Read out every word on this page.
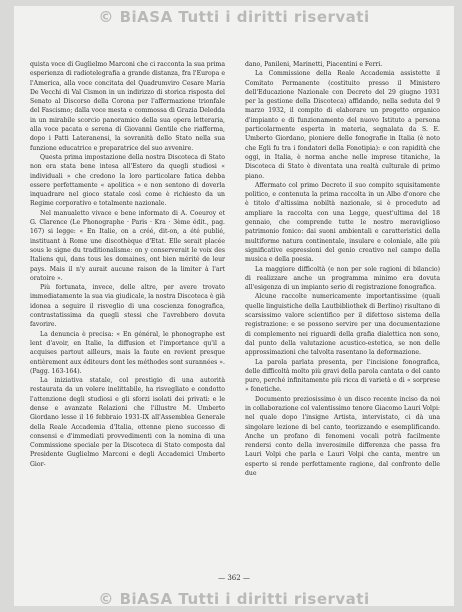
© BiASA Tutti i diritti riservati

quista voce di Guglielmo Marconi che ci racconta la sua prima esperienza di radiotelegrafia a grande distanza, fra l'Europa e l'America, alla voce concitata del Quadrumviro Cesare Maria De Vecchi di Val Cismon in un indirizzo di storica risposta del Senato al Discorso della Corona per l'affermazione trionfale del Fascismo; dalla voce mesta e commossa di Grazia Deledda in un mirabile scorcio panoramico della sua opera letteraria, alla voce pacata e serena di Giovanni Gentile che riafferma, dopo i Patti Lateranensi, la sovranità dello Stato nella sua funzione educatrice e preparatrice del suo avvenire.

Questa prima impostazione della nostra Discoteca di Stato non era stata bene intesa all'Estero da quegli studiosi « individuali » che credono la loro particolare fatica debba essere perfettamente « apolitica » e non sentono di doverla inquadrare nel gioco statale così come è richiesto da un Regime corporativo e totalmente nazionale.

Nel manualetto vivace e bene informato di A. Coeuroy et G. Clarence (Le Phonographe · Paris · Kra · 3ème édit., pag. 167) si legge: « En Italie, on a créé, dit-on, a été publié, instituant à Rome une discothèque d'Etat. Elle serait placée sous le signe du traditionalisme: on y conserverait le voix des Italiens qui, dans tous les domaines, ont bien mérité de leur pays. Mais il n'y aurait aucune raison de la limiter à l'art oratoire ».

Più fortunata, invece, delle altre, per avere trovato immediatamente la sua via giudicale, la nostra Discoteca è già idonea a seguire il risveglio di una coscienza fonografica, contrastatissima da quegli stessi che l'avrebbero dovuta favorire.

La denuncia è precisa: « En général, le phonographe est lent d'avoir, en Italie, la diffusion et l'importance qu'il a acquises partout ailleurs, mais la faute en revient presque entièrement aux éditeurs dont les méthodes sont surannées ». (Pagg. 163-164).

La iniziativa statale, col prestigio di una autorità restaurata da un volere inelittabile, ha risvegliato e condotto l'attenzione degli studiosi e gli sforzi isolati dei privati: e le dense e avanzate Relazioni che l'illustre M. Umberto Giordano lesse il 16 febbraio 1931-IX all'Assemblea Generale della Reale Accademia d'Italia, ottenne pieno successo di consensi e d'immediati provvedimenti con la nomina di una Commissione speciale per la Discoteca di Stato composta dal Presidente Guglielmo Marconi e degli Accademici Umberto Gior-

dano, Panileni, Marinetti, Piacentini e Ferri.

La Commissione della Reale Accademia assistette il Comitato Permanente (costituito presso il Ministero dell'Educazione Nazionale con Decreto del 29 giugno 1931 per la gestione della Discoteca) affidando, nella seduta del 9 marzo 1932, il compito di elaborare un progetto organico d'impianto e di funzionamento del nuovo Istituto a persona particolarmente esperta in materia, segnalata da S. E. Umberto Giordano, pioniere delle fonografie in Italia (è noto che Egli fu tra i fondatori della Fonotipia): e con rapidità che oggi, in Italia, è norma anche nelle imprese titaniche, la Discoteca di Stato è diventata una realtà culturale di primo piano.

Affermato col primo Decreto il suo compito squisitamente politico, e contenuta la prima raccolta in un Albo d'onore che è titolo d'altissima nobiltà nazionale, si è proceduto ad ampliare la raccolta con una Legge, quest'ultima del 18 gennaio, che comprende tutte le nostro meraviglioso patrimonio fonico: dai suoni ambientali e caratteristici della multiforme natura continentale, insulare e coloniale, alle più significative espressioni del genio creativo nel campo della musica e della poesia.

La maggiore difficoltà (e non per sole ragioni di bilancio) di realizzare anche un programma minimo era dovuta all'esigenza di un impianto serio di registrazione fonografica.

Alcune raccolte numericamente importantissime (quali quelle linguistiche della Lautbibliothek di Berlino) risultano di scarsissimo valore scientifico per il difettoso sistema della registrazione: e se possono servire per una documentazione di complemento nei riguardi della grafia dialettica non sono, dal punto della valutazione acustico-estetica, se non delle approssimazioni che talvolta rasentano la deformazione.

La parola parlata presenta, per l'incisione fonografica, delle difficoltà molto più gravi della parola cantata o del canto puro, perché infinitamente più ricca di varietà e di « sorprese » fonetiche.

Documento preziosissimo è un disco recente inciso da noi in collaborazione col valentissimo tenore Giacomo Lauri Volpi: nel quale dopo l'insigne Artista, intervistato, ci dà una singolare lezione di bel canto, teorizzando e esemplificando. Anche un profano di fenomeni vocali potrà facilmente rendersi conto della inverosimile differenza che passa fra Lauri Volpi che parla e Lauri Volpi che canta, mentre un esperto si rende perfettamente ragione, dal confronto delle due

— 362 —
© BiASA Tutti i diritti riservati
